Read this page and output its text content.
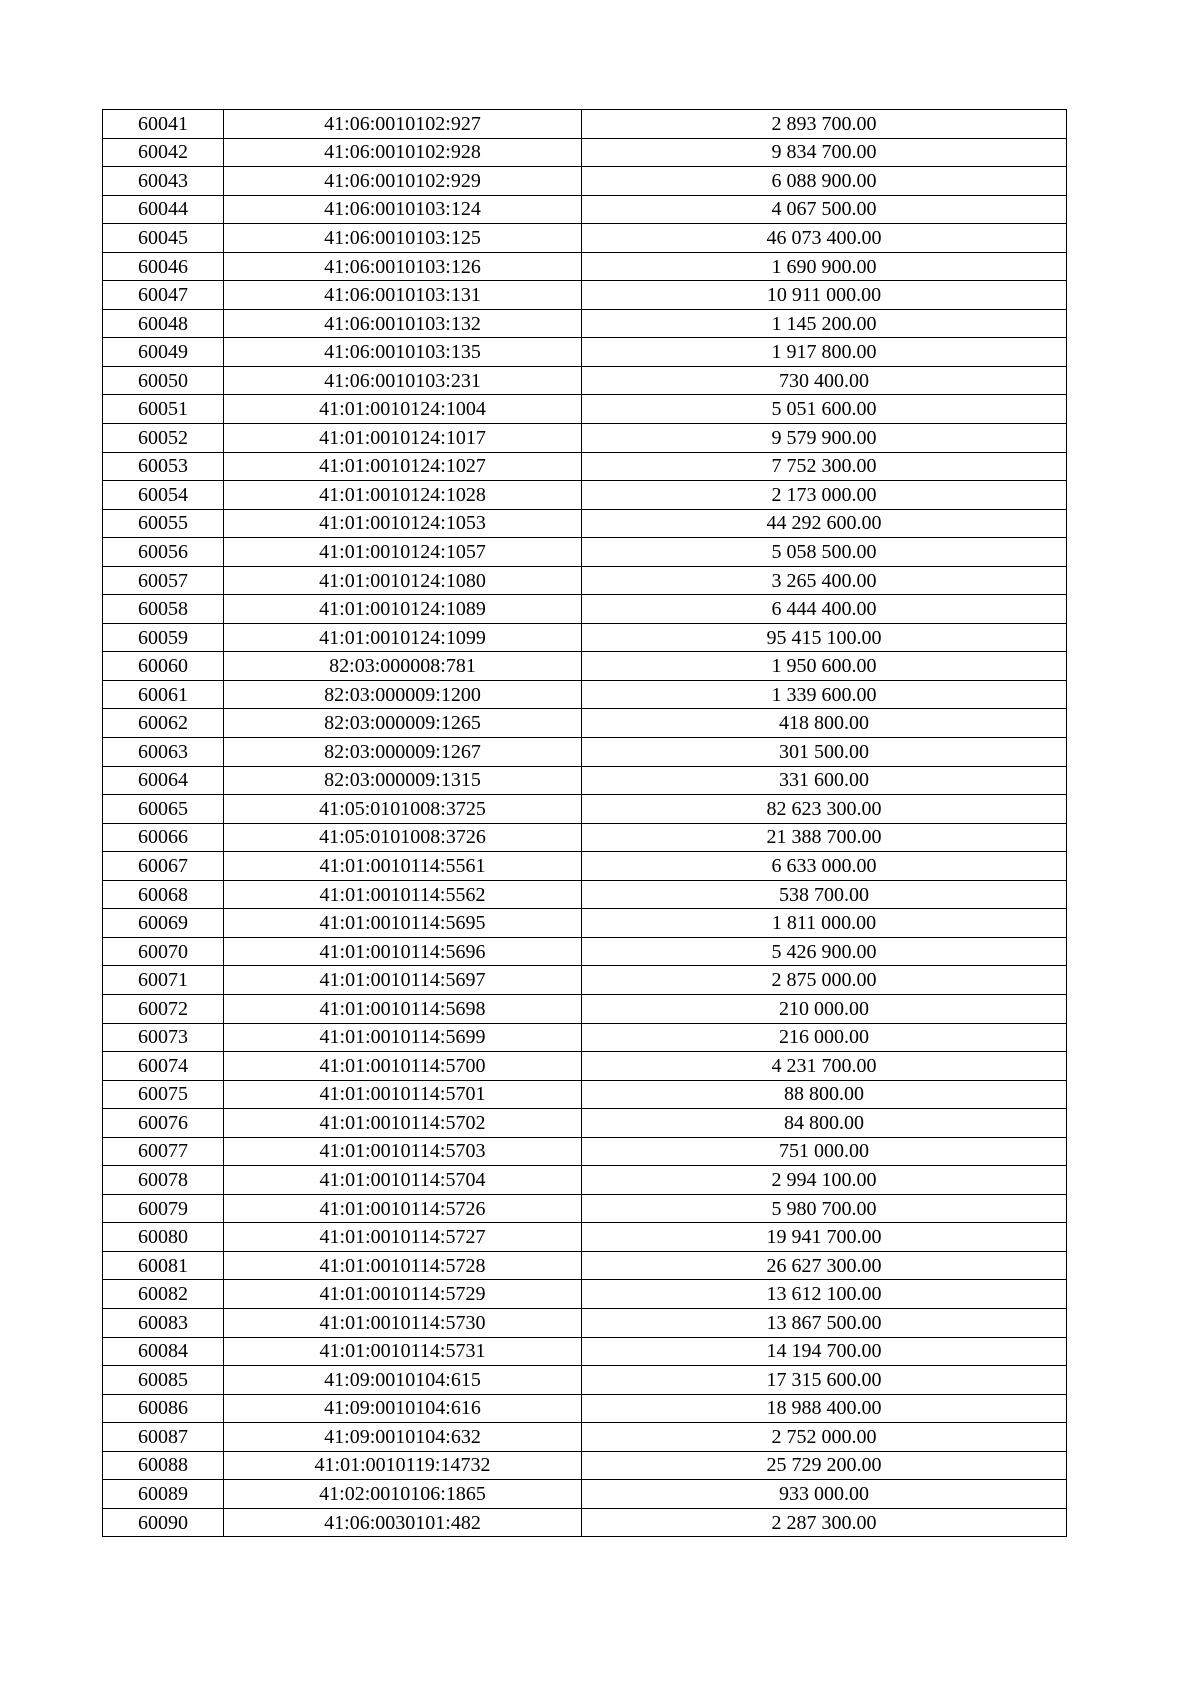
60041	41:06:0010102:927	2 893 700.00
60042	41:06:0010102:928	9 834 700.00
60043	41:06:0010102:929	6 088 900.00
60044	41:06:0010103:124	4 067 500.00
60045	41:06:0010103:125	46 073 400.00
60046	41:06:0010103:126	1 690 900.00
60047	41:06:0010103:131	10 911 000.00
60048	41:06:0010103:132	1 145 200.00
60049	41:06:0010103:135	1 917 800.00
60050	41:06:0010103:231	730 400.00
60051	41:01:0010124:1004	5 051 600.00
60052	41:01:0010124:1017	9 579 900.00
60053	41:01:0010124:1027	7 752 300.00
60054	41:01:0010124:1028	2 173 000.00
60055	41:01:0010124:1053	44 292 600.00
60056	41:01:0010124:1057	5 058 500.00
60057	41:01:0010124:1080	3 265 400.00
60058	41:01:0010124:1089	6 444 400.00
60059	41:01:0010124:1099	95 415 100.00
60060	82:03:000008:781	1 950 600.00
60061	82:03:000009:1200	1 339 600.00
60062	82:03:000009:1265	418 800.00
60063	82:03:000009:1267	301 500.00
60064	82:03:000009:1315	331 600.00
60065	41:05:0101008:3725	82 623 300.00
60066	41:05:0101008:3726	21 388 700.00
60067	41:01:0010114:5561	6 633 000.00
60068	41:01:0010114:5562	538 700.00
60069	41:01:0010114:5695	1 811 000.00
60070	41:01:0010114:5696	5 426 900.00
60071	41:01:0010114:5697	2 875 000.00
60072	41:01:0010114:5698	210 000.00
60073	41:01:0010114:5699	216 000.00
60074	41:01:0010114:5700	4 231 700.00
60075	41:01:0010114:5701	88 800.00
60076	41:01:0010114:5702	84 800.00
60077	41:01:0010114:5703	751 000.00
60078	41:01:0010114:5704	2 994 100.00
60079	41:01:0010114:5726	5 980 700.00
60080	41:01:0010114:5727	19 941 700.00
60081	41:01:0010114:5728	26 627 300.00
60082	41:01:0010114:5729	13 612 100.00
60083	41:01:0010114:5730	13 867 500.00
60084	41:01:0010114:5731	14 194 700.00
60085	41:09:0010104:615	17 315 600.00
60086	41:09:0010104:616	18 988 400.00
60087	41:09:0010104:632	2 752 000.00
60088	41:01:0010119:14732	25 729 200.00
60089	41:02:0010106:1865	933 000.00
60090	41:06:0030101:482	2 287 300.00
